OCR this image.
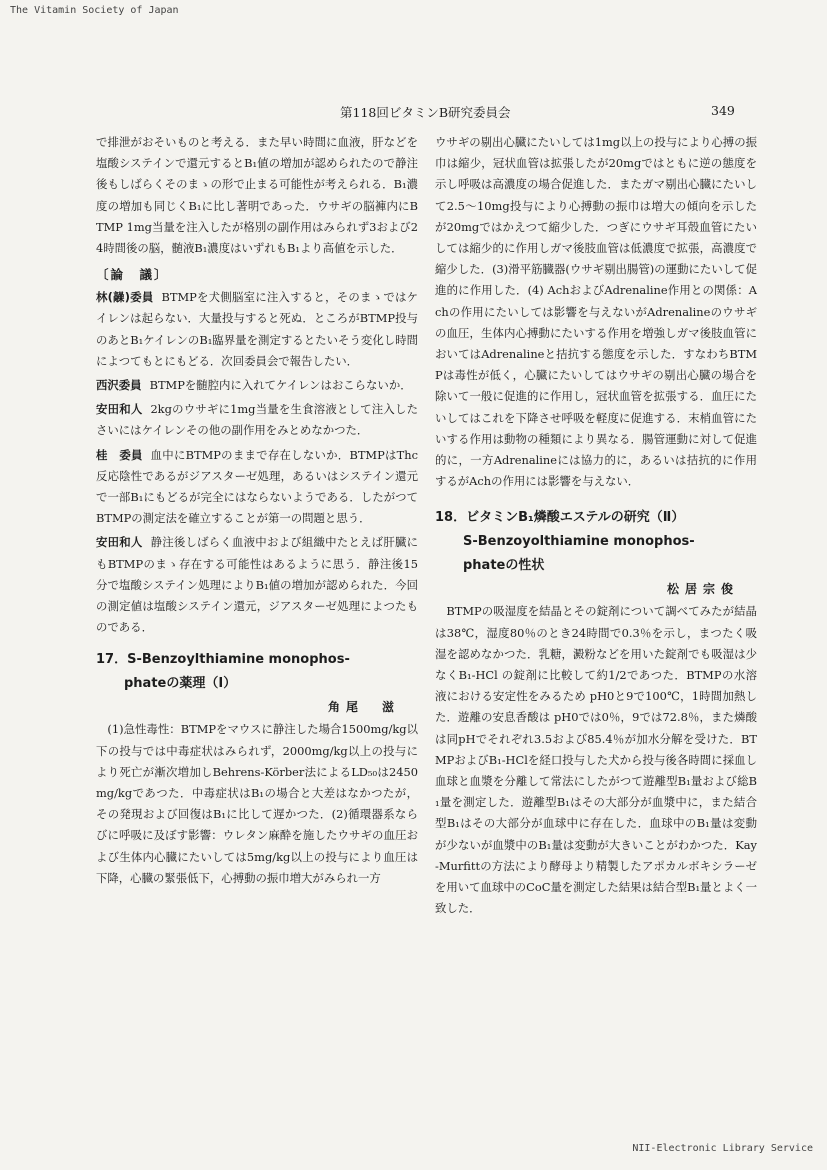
The Vitamin Society of Japan
第118回ビタミンB研究委員会	349

で排泄がおそいものと考える．また早い時間に血液，肝などを塩酸システインで還元するとB₁値の増加が認められたので静注後もしばらくそのまゝの形で止まる可能性が考えられる．B₁濃度の増加も同じくB₁に比し著明であった．ウサギの脳褲内にBTMP 1mg当量を注入したが格別の副作用はみられず3および24時間後の脳，髄液B₁濃度はいずれもB₁より高値を示した．

〔論　議〕

林(髞)委員 BTMPを犬側脳室に注入すると，そのまゝではケイレンは起らない．大量投与すると死ぬ．ところがBTMP投与のあとB₁ケイレンのB₁臨界量を測定するとたいそう変化し時間によつてもとにもどる．次回委員会で報告したい．

西沢委員 BTMPを髄腔内に入れてケイレンはおこらないか．

安田和人 2kgのウサギに1mg当量を生食溶液として注入したさいにはケイレンその他の副作用をみとめなかつた．

桂　委員 血中にBTMPのままで存在しないか．BTMPはThc反応陰性であるがジアスターゼ処理，あるいはシステイン還元で一部B₁にもどるが完全にはならないようである．したがつてBTMPの測定法を確立することが第一の問題と思う．

安田和人 静注後しばらく血液中および組織中たとえば肝臓にもBTMPのまゝ存在する可能性はあるように思う．静注後15分で塩酸システイン処理によりB₁値の増加が認められた．今回の測定値は塩酸システイン還元，ジアスターゼ処理によつたものである．

17．S-Benzoylthiamine monophos-
phateの薬理（Ⅰ）
角尾　滋

(1)急性毒性：BTMPをマウスに静注した場合1500mg/kg以下の投与では中毒症状はみられず，2000mg/kg以上の投与により死亡が漸次増加しBehrens-Körber法によるLD₅₀は2450mg/kgであつた．中毒症状はB₁の場合と大差はなかつたが，その発現および回復はB₁に比して遅かつた．(2)循環器系ならびに呼吸に及ぼす影響：ウレタン麻酔を施したウサギの血圧および生体内心臓にたいしては5mg/kg以上の投与により血圧は下降，心臓の緊張低下，心搏動の振巾増大がみられ一方

ウサギの剔出心臓にたいしては1mg以上の投与により心搏の振巾は縮少，冠状血管は拡張したが20mgではともに逆の態度を示し呼吸は高濃度の場合促進した．またガマ剔出心臓にたいして2.5～10mg投与により心搏動の振巾は増大の傾向を示したが20mgではかえつて縮少した．つぎにウサギ耳殻血管にたいしては縮少的に作用しガマ後肢血管は低濃度で拡張，高濃度で縮少した．(3)滑平筋臓器(ウサギ剔出腸管)の運動にたいして促進的に作用した．(4) AchおよびAdrenaline作用との関係：Achの作用にたいしては影響を与えないがAdrenalineのウサギの血圧，生体内心搏動にたいする作用を増強しガマ後肢血管においてはAdrenalineと拮抗する態度を示した．すなわちBTMPは毒性が低く，心臓にたいしてはウサギの剔出心臓の場合を除いて一般に促進的に作用し，冠状血管を拡張する．血圧にたいしてはこれを下降させ呼吸を軽度に促進する．末梢血管にたいする作用は動物の種類により異なる．腸管運動に対して促進的に，一方Adrenalineには協力的に，あるいは拮抗的に作用するがAchの作用には影響を与えない．

18．ビタミンB₁燐酸エステルの研究（Ⅱ）
S-Benzoyolthiamine monophos-
phateの性状
松居宗俊

BTMPの吸湿度を結晶とその錠剤について調べてみたが結晶は38℃，湿度80％のとき24時間で0.3％を示し，まつたく吸湿を認めなかつた．乳糖，澱粉などを用いた錠剤でも吸湿は少なくB₁-HCl の錠剤に比較して約1/2であつた．BTMPの水溶液における安定性をみるため pH0と9で100℃，1時間加熱した．遊離の安息香酸は pH0では0％，9では72.8％，また燐酸は同pHでそれぞれ3.5および85.4％が加水分解を受けた．BTMPおよびB₁-HClを経口投与した犬から投与後各時間に採血し血球と血漿を分離して常法にしたがつて遊離型B₁量および総B₁量を測定した．遊離型B₁はその大部分が血漿中に，また結合型B₁はその大部分が血球中に存在した．血球中のB₁量は変動が少ないが血漿中のB₁量は変動が大きいことがわかつた．Kay-Murfittの方法により酵母より精製したアポカルボキシラーゼを用いて血球中のCoC量を測定した結果は結合型B₁量とよく一致した．

NII-Electronic Library Service
